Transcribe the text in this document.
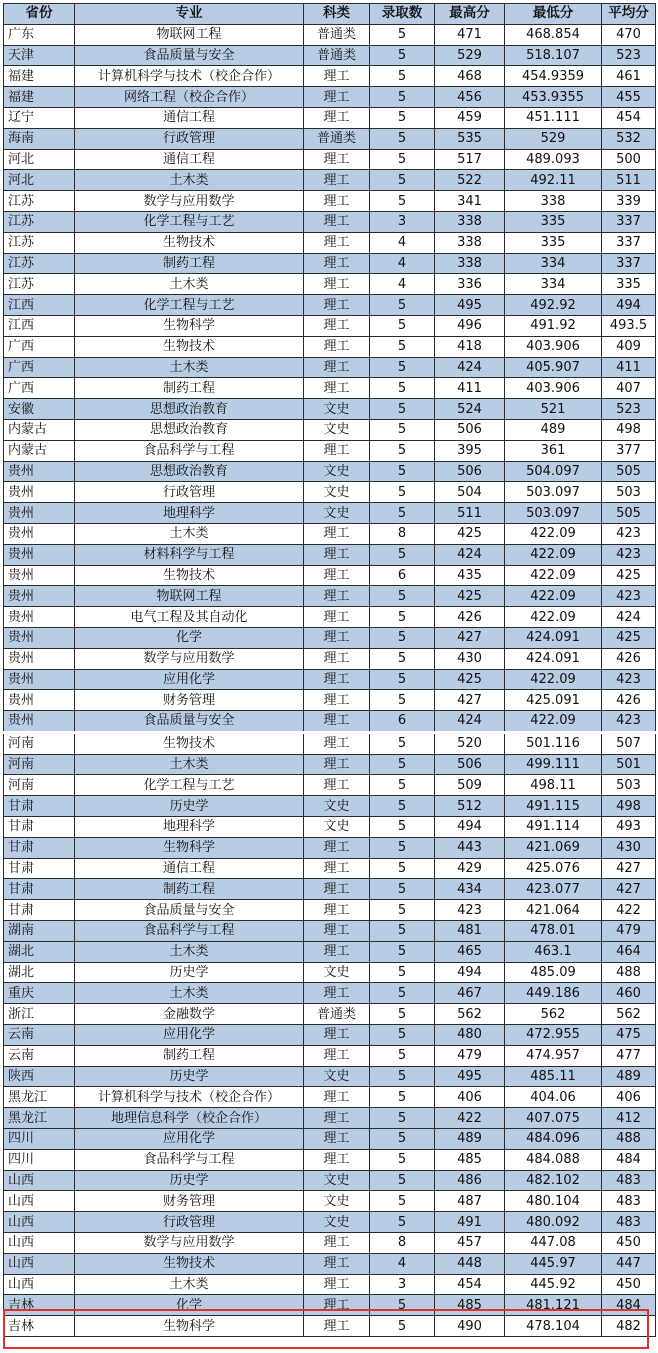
省份	专业	科类	录取数	最高分	最低分	平均分
广东	物联网工程	普通类	5	471	468.854	470
天津	食品质量与安全	普通类	5	529	518.107	523
福建	计算机科学与技术（校企合作）	理工	5	468	454.9359	461
福建	网络工程（校企合作）	理工	5	456	453.9355	455
辽宁	通信工程	理工	5	459	451.111	454
海南	行政管理	普通类	5	535	529	532
河北	通信工程	理工	5	517	489.093	500
河北	土木类	理工	5	522	492.11	511
江苏	数学与应用数学	理工	5	341	338	339
江苏	化学工程与工艺	理工	3	338	335	337
江苏	生物技术	理工	4	338	335	337
江苏	制药工程	理工	4	338	334	337
江苏	土木类	理工	4	336	334	335
江西	化学工程与工艺	理工	5	495	492.92	494
江西	生物科学	理工	5	496	491.92	493.5
广西	生物技术	理工	5	418	403.906	409
广西	土木类	理工	5	424	405.907	411
广西	制药工程	理工	5	411	403.906	407
安徽	思想政治教育	文史	5	524	521	523
内蒙古	思想政治教育	文史	5	506	489	498
内蒙古	食品科学与工程	理工	5	395	361	377
贵州	思想政治教育	文史	5	506	504.097	505
贵州	行政管理	文史	5	504	503.097	503
贵州	地理科学	文史	5	511	503.097	505
贵州	土木类	理工	8	425	422.09	423
贵州	材料科学与工程	理工	5	424	422.09	423
贵州	生物技术	理工	6	435	422.09	425
贵州	物联网工程	理工	5	425	422.09	423
贵州	电气工程及其自动化	理工	5	426	422.09	424
贵州	化学	理工	5	427	424.091	425
贵州	数学与应用数学	理工	5	430	424.091	426
贵州	应用化学	理工	5	425	422.09	423
贵州	财务管理	理工	5	427	425.091	426
贵州	食品质量与安全	理工	6	424	422.09	423
河南	生物技术	理工	5	520	501.116	507
河南	土木类	理工	5	506	499.111	501
河南	化学工程与工艺	理工	5	509	498.11	503
甘肃	历史学	文史	5	512	491.115	498
甘肃	地理科学	文史	5	494	491.114	493
甘肃	生物科学	理工	5	443	421.069	430
甘肃	通信工程	理工	5	429	425.076	427
甘肃	制药工程	理工	5	434	423.077	427
甘肃	食品质量与安全	理工	5	423	421.064	422
湖南	食品科学与工程	理工	5	481	478.01	479
湖北	土木类	理工	5	465	463.1	464
湖北	历史学	文史	5	494	485.09	488
重庆	土木类	理工	5	467	449.186	460
浙江	金融数学	普通类	5	562	562	562
云南	应用化学	理工	5	480	472.955	475
云南	制药工程	理工	5	479	474.957	477
陕西	历史学	文史	5	495	485.11	489
黑龙江	计算机科学与技术（校企合作）	理工	5	406	404.06	406
黑龙江	地理信息科学（校企合作）	理工	5	422	407.075	412
四川	应用化学	理工	5	489	484.096	488
四川	食品科学与工程	理工	5	485	484.088	484
山西	历史学	文史	5	486	482.102	483
山西	财务管理	文史	5	487	480.104	483
山西	行政管理	文史	5	491	480.092	483
山西	数学与应用数学	理工	8	457	447.08	450
山西	生物技术	理工	4	448	445.97	447
山西	土木类	理工	3	454	445.92	450
吉林	化学	理工	5	485	481.121	484
吉林	生物科学	理工	5	490	478.104	482
